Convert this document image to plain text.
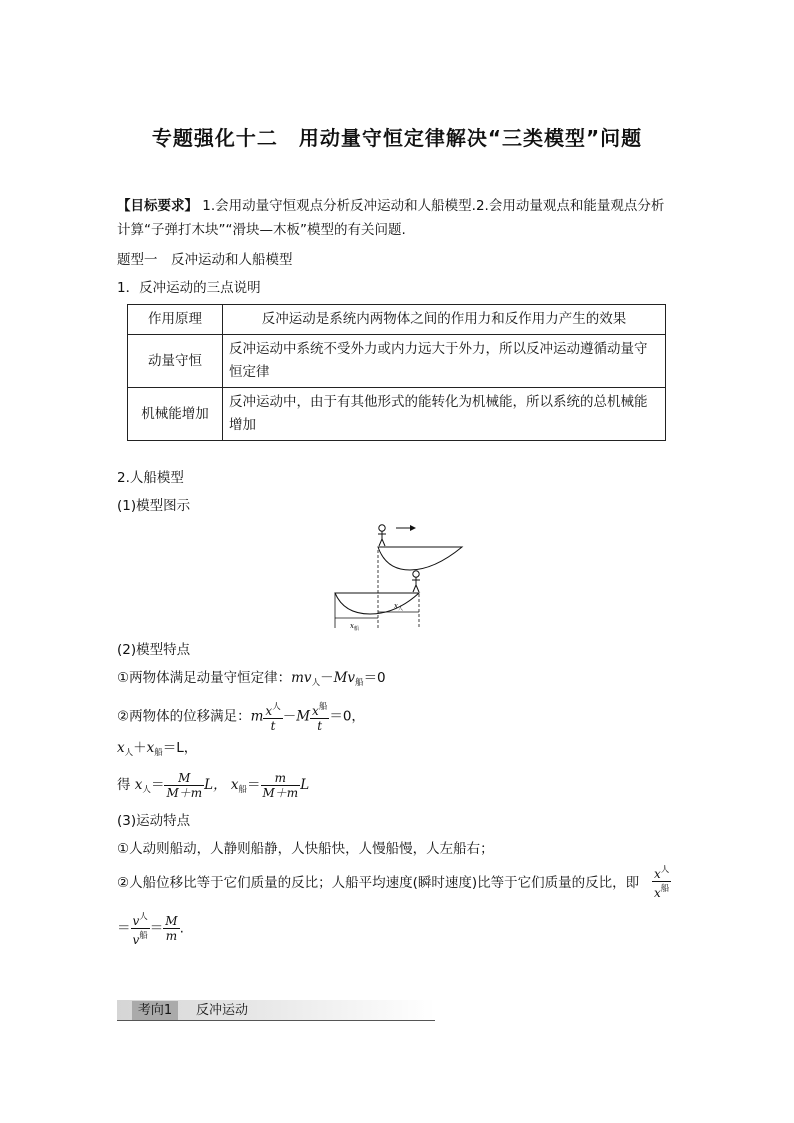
专题强化十二　用动量守恒定律解决“三类模型”问题
【目标要求】 1.会用动量守恒观点分析反冲运动和人船模型.2.会用动量观点和能量观点分析
计算“子弹打木块”“滑块—木板”模型的有关问题.
题型一　反冲运动和人船模型
1．反冲运动的三点说明
作用原理	反冲运动是系统内两物体之间的作用力和反作用力产生的效果
动量守恒	反冲运动中系统不受外力或内力远大于外力，所以反冲运动遵循动量守恒定律
机械能增加	反冲运动中，由于有其他形式的能转化为机械能，所以系统的总机械能增加
2.人船模型
(1)模型图示
$x_船$
$x_人$
(2)模型特点
①两物体满足动量守恒定律：$mv_人-Mv_船=0$
②两物体的位移满足：m $\frac{x^人}{t} -M \frac{x^船}{t} =0$，
$x_人+x_船=L$，
得 $x_人= \frac{M}{M+m}$ L， $x_船= \frac{m}{M+m}$ L
(3)运动特点
①人动则船动，人静则船静，人快船快，人慢船慢，人左船右；
②人船位移比等于它们质量的反比；人船平均速度(瞬时速度)比等于它们质量的反比，即 $\frac{x^人}{x^船}$
＝ $\frac{v^人}{v^船} = \frac{M}{m}$ .
考向1	反冲运动
